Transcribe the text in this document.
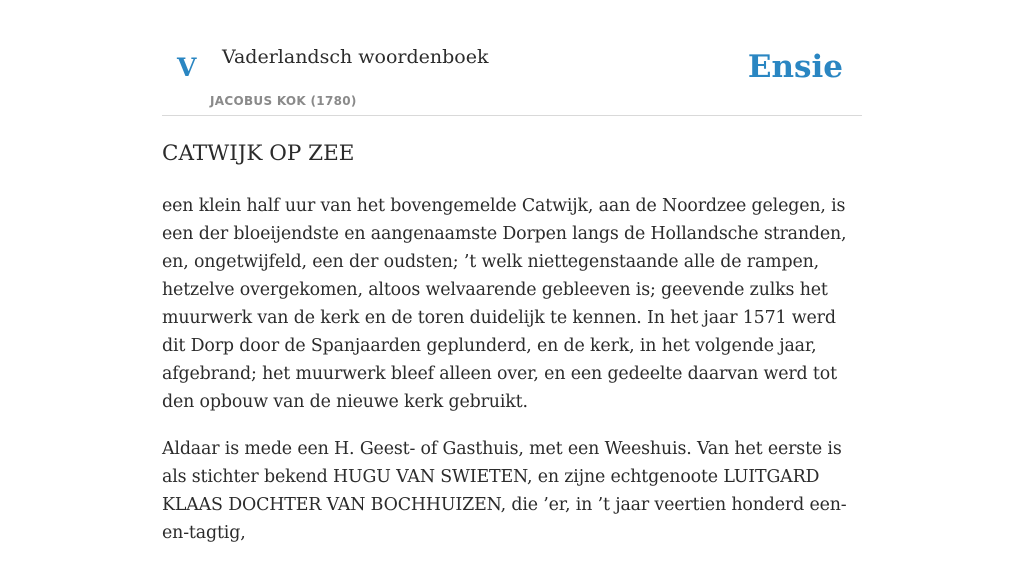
V Vaderlandsch woordenboek
JACOBUS KOK (1780)
Ensie
CATWIJK OP ZEE

een klein half uur van het bovengemelde Catwijk, aan de Noordzee gelegen, is een der bloeijendste en aangenaamste Dorpen langs de Hollandsche stranden, en, ongetwijfeld, een der oudsten; ’t welk niettegenstaande alle de rampen, hetzelve overgekomen, altoos welvaarende gebleeven is; geevende zulks het muurwerk van de kerk en de toren duidelijk te kennen. In het jaar 1571 werd dit Dorp door de Spanjaarden geplunderd, en de kerk, in het volgende jaar, afgebrand; het muurwerk bleef alleen over, en een gedeelte daarvan werd tot den opbouw van de nieuwe kerk gebruikt.

Aldaar is mede een H. Geest- of Gasthuis, met een Weeshuis. Van het eerste is als stichter bekend HUGU VAN SWIETEN, en zijne echtgenoote LUITGARD KLAAS DOCHTER VAN BOCHHUIZEN, die ’er, in ’t jaar veertien honderd een-en-tagtig,
